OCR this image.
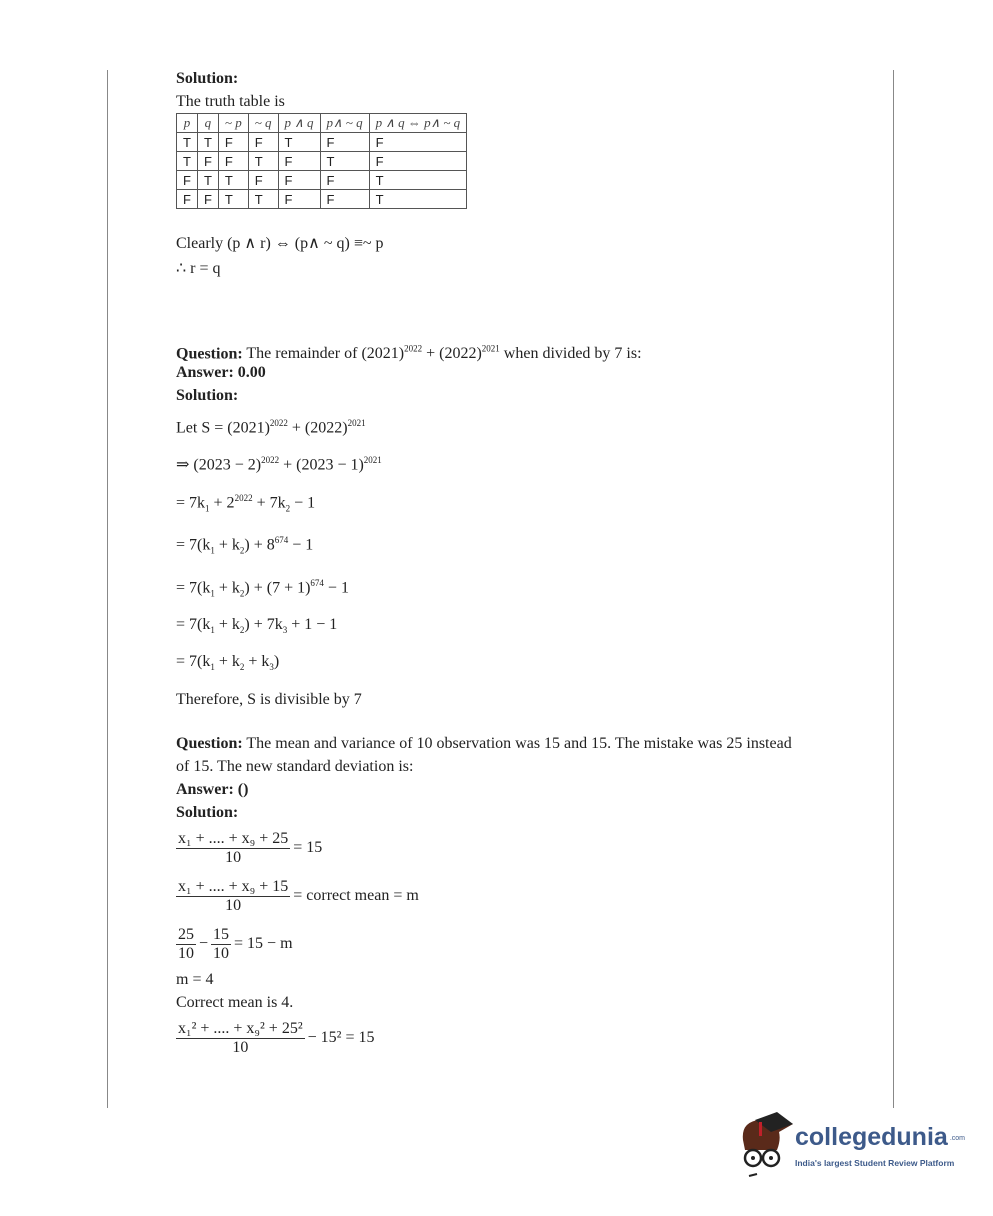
Solution:
The truth table is
p	q	~ p	~ q	p ∧ q	p∧ ~ q	p ∧ q ⇔ p∧ ~ q
T	T	F	F	T	F	F
T	F	F	T	F	T	F
F	T	T	F	F	F	T
F	F	T	T	F	F	T
Clearly (p ∧ r) ⇔ (p∧ ~ q) ≡~ p
∴ r = q
Question: The remainder of $(2021)^{2022} + (2022)^{2021}$ when divided by 7 is:
Answer: 0.00
Solution:
Let $S = (2021)^{2022} + (2022)^{2021}$
⇒ $(2023 - 2)^{2022} + (2023 - 1)^{2021}$
= $7k_1 + 2^{2022} + 7k_2 - 1$
= $7(k_1 + k_2) + 8^{674} - 1$
= $7(k_1 + k_2) + (7 + 1)^{674} - 1$
= $7(k_1 + k_2) + 7k_3 + 1 - 1$
= $7(k_1 + k_2 + k_3)$
Therefore, S is divisible by 7
Question: The mean and variance of 10 observation was 15 and 15. The mistake was 25 instead
of 15. The new standard deviation is:
Answer: ()
Solution:
$\frac{\text{x₁ + .... + x₉ + 25}}{10} = 15$
$\frac{\text{x₁ + .... + x₉ + 15}}{10}$ = correct mean = m
$\frac{25}{10} - \frac{15}{10} = 15 - m$
m = 4
Correct mean is 4.
$\frac{\text{x₁² + .... + x₉² + 25²}}{10} - 15^2 = 15$
collegedunia .com
India's largest Student Review Platform
